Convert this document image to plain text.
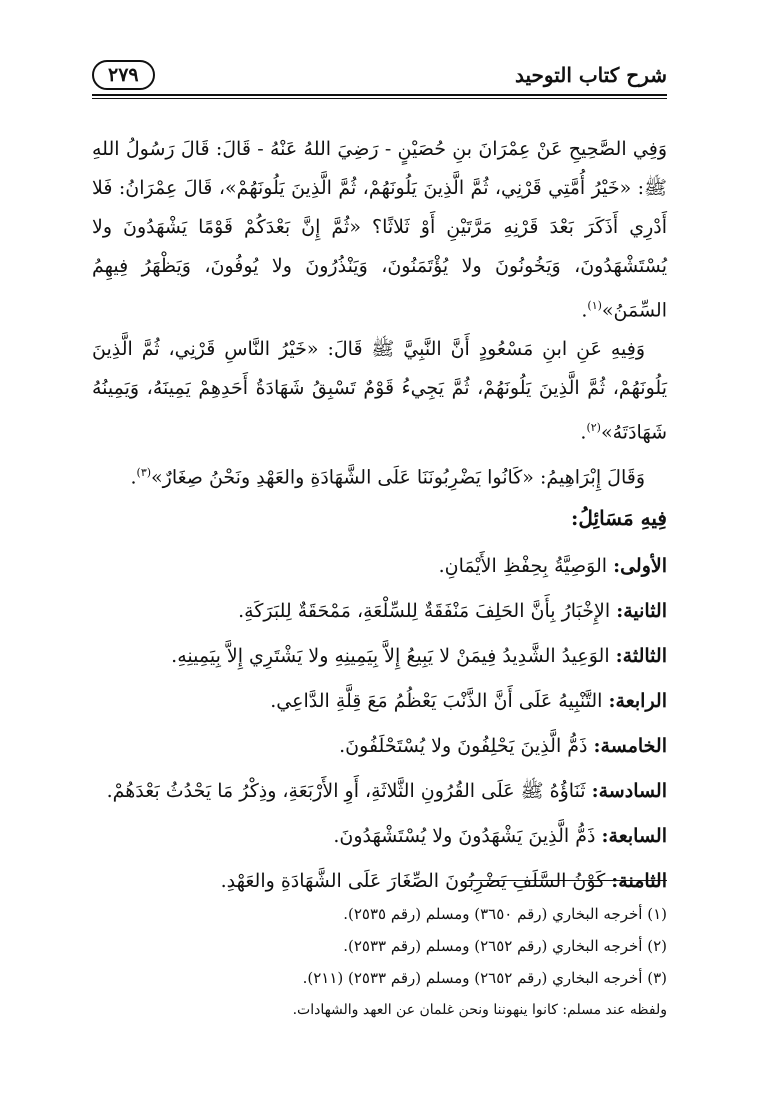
شرح كتاب التوحيد
٢٧٩

وَفِي الصَّحِيحِ عَنْ عِمْرَانَ بنِ حُصَيْنٍ - رَضِيَ اللهُ عَنْهُ - قَالَ: قَالَ رَسُولُ اللهِ ﷺ: «خَيْرُ أُمَّتِي قَرْنِي، ثُمَّ الَّذِينَ يَلُونَهُمْ، ثُمَّ الَّذِينَ يَلُونَهُمْ»، قَالَ عِمْرَانُ: فَلا أَدْرِي أَذَكَرَ بَعْدَ قَرْنِهِ مَرَّتَيْنِ أَوْ ثَلاثًا؟ «ثُمَّ إِنَّ بَعْدَكُمْ قَوْمًا يَشْهَدُونَ ولا يُسْتَشْهَدُونَ، وَيَخُونُونَ ولا يُؤْتَمَنُونَ، وَيَنْذُرُونَ ولا يُوفُونَ، وَيَظْهَرُ فِيهِمُ السِّمَنُ»$^{(١)}$.

وَفِيهِ عَنِ ابنِ مَسْعُودٍ أَنَّ النَّبِيَّ ﷺ قَالَ: «خَيْرُ النَّاسِ قَرْنِي، ثُمَّ الَّذِينَ يَلُونَهُمْ، ثُمَّ الَّذِينَ يَلُونَهُمْ، ثُمَّ يَجِيءُ قَوْمٌ تَسْبِقُ شَهَادَةُ أَحَدِهِمْ يَمِينَهُ، وَيَمِينُهُ شَهَادَتَهُ»$^{(٢)}$.

وَقَالَ إِبْرَاهِيمُ: «كَانُوا يَضْرِبُونَنَا عَلَى الشَّهَادَةِ والعَهْدِ ونَحْنُ صِغَارٌ»$^{(٣)}$.

فِيهِ مَسَائِلُ:
الأولى: الوَصِيَّةُ بِحِفْظِ الأَيْمَانِ.
الثانية: الإِخْبَارُ بِأَنَّ الحَلِفَ مَنْفَقَةٌ لِلسِّلْعَةِ، مَمْحَقَةٌ لِلبَرَكَةِ.
الثالثة: الوَعِيدُ الشَّدِيدُ فِيمَنْ لا يَبِيعُ إِلاَّ بِيَمِينِهِ ولا يَشْتَرِي إِلاَّ بِيَمِينِهِ.
الرابعة: التَّنْبِيهُ عَلَى أَنَّ الذَّنْبَ يَعْظُمُ مَعَ قِلَّةِ الدَّاعِي.
الخامسة: ذَمُّ الَّذِينَ يَحْلِفُونَ ولا يُسْتَحْلَفُونَ.
السادسة: ثَنَاؤُهُ ﷺ عَلَى القُرُونِ الثَّلاثَةِ، أَوِ الأَرْبَعَةِ، وذِكْرُ مَا يَحْدُثُ بَعْدَهُمْ.
السابعة: ذَمُّ الَّذِينَ يَشْهَدُونَ ولا يُسْتَشْهَدُونَ.
الثامنة: كَوْنُ السَّلَفِ يَضْرِبُونَ الصِّغَارَ عَلَى الشَّهَادَةِ والعَهْدِ.

(١) أخرجه البخاري (رقم ٣٦٥٠) ومسلم (رقم ٢٥٣٥).

(٢) أخرجه البخاري (رقم ٢٦٥٢) ومسلم (رقم ٢٥٣٣).

(٣) أخرجه البخاري (رقم ٢٦٥٢) ومسلم (رقم ٢٥٣٣) (٢١١).

ولفظه عند مسلم: كانوا ينهوننا ونحن غلمان عن العهد والشهادات.
